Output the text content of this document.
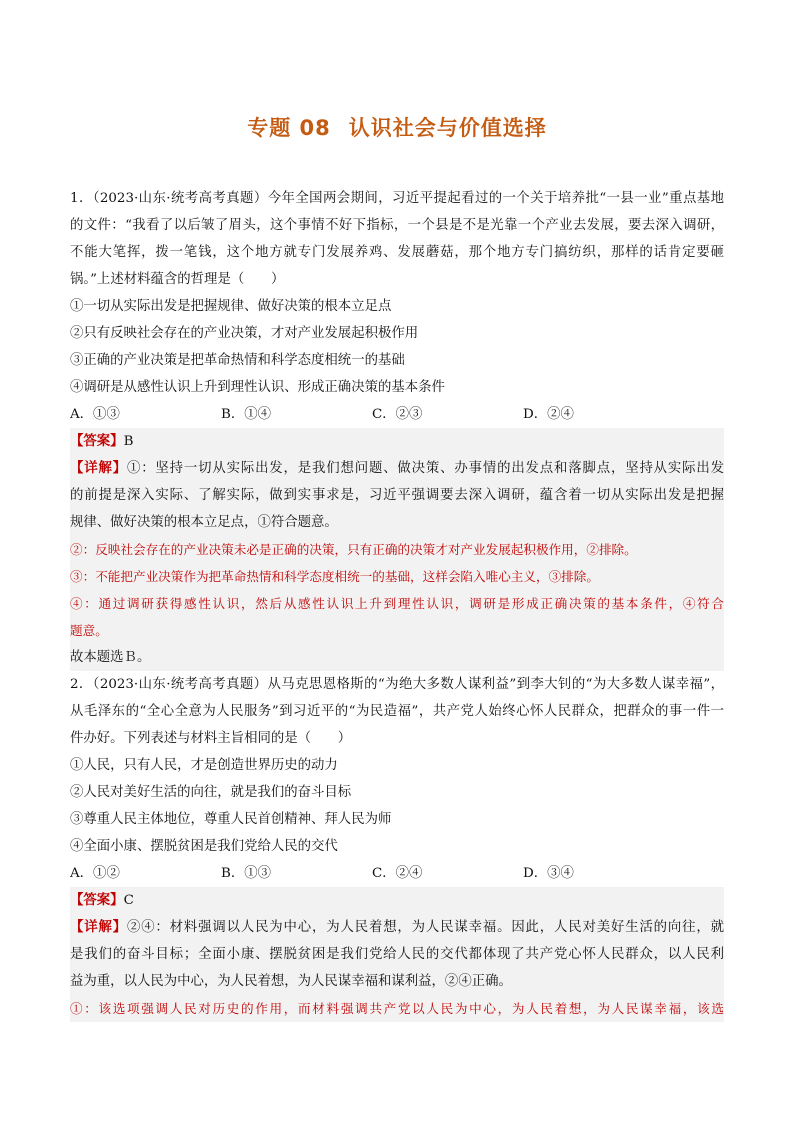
专题 08 认识社会与价值选择
1．（2023·山东·统考高考真题）今年全国两会期间，习近平提起看过的一个关于培养批“一县一业”重点基地
的文件：“我看了以后皱了眉头，这个事情不好下指标，一个县是不是光靠一个产业去发展，要去深入调研，
不能大笔挥，拨一笔钱，这个地方就专门发展养鸡、发展蘑菇，那个地方专门搞纺织，那样的话肯定要砸
锅。”上述材料蕴含的哲理是（　　）
①一切从实际出发是把握规律、做好决策的根本立足点
②只有反映社会存在的产业决策，才对产业发展起积极作用
③正确的产业决策是把革命热情和科学态度相统一的基础
④调研是从感性认识上升到理性认识、形成正确决策的基本条件
A．①③	B．①④	C．②③	D．②④
【答案】B
【详解】①：坚持一切从实际出发，是我们想问题、做决策、办事情的出发点和落脚点，坚持从实际出发
的前提是深入实际、了解实际，做到实事求是，习近平强调要去深入调研，蕴含着一切从实际出发是把握
规律、做好决策的根本立足点，①符合题意。
②：反映社会存在的产业决策未必是正确的决策，只有正确的决策才对产业发展起积极作用，②排除。
③：不能把产业决策作为把革命热情和科学态度相统一的基础，这样会陷入唯心主义，③排除。
④：通过调研获得感性认识，然后从感性认识上升到理性认识，调研是形成正确决策的基本条件，④符合
题意。
故本题选Ｂ。
2．（2023·山东·统考高考真题）从马克思恩格斯的“为绝大多数人谋利益”到李大钊的“为大多数人谋幸福”，
从毛泽东的“全心全意为人民服务”到习近平的“为民造福”，共产党人始终心怀人民群众，把群众的事一件一
件办好。下列表述与材料主旨相同的是（　　）
①人民，只有人民，才是创造世界历史的动力
②人民对美好生活的向往，就是我们的奋斗目标
③尊重人民主体地位，尊重人民首创精神、拜人民为师
④全面小康、摆脱贫困是我们党给人民的交代
A．①②	B．①③	C．②④	D．③④
【答案】C
【详解】②④：材料强调以人民为中心，为人民着想，为人民谋幸福。因此，人民对美好生活的向往，就
是我们的奋斗目标；全面小康、摆脱贫困是我们党给人民的交代都体现了共产党心怀人民群众，以人民利
益为重，以人民为中心，为人民着想，为人民谋幸福和谋利益，②④正确。
①：该选项强调人民对历史的作用，而材料强调共产党以人民为中心，为人民着想，为人民谋幸福，该选
